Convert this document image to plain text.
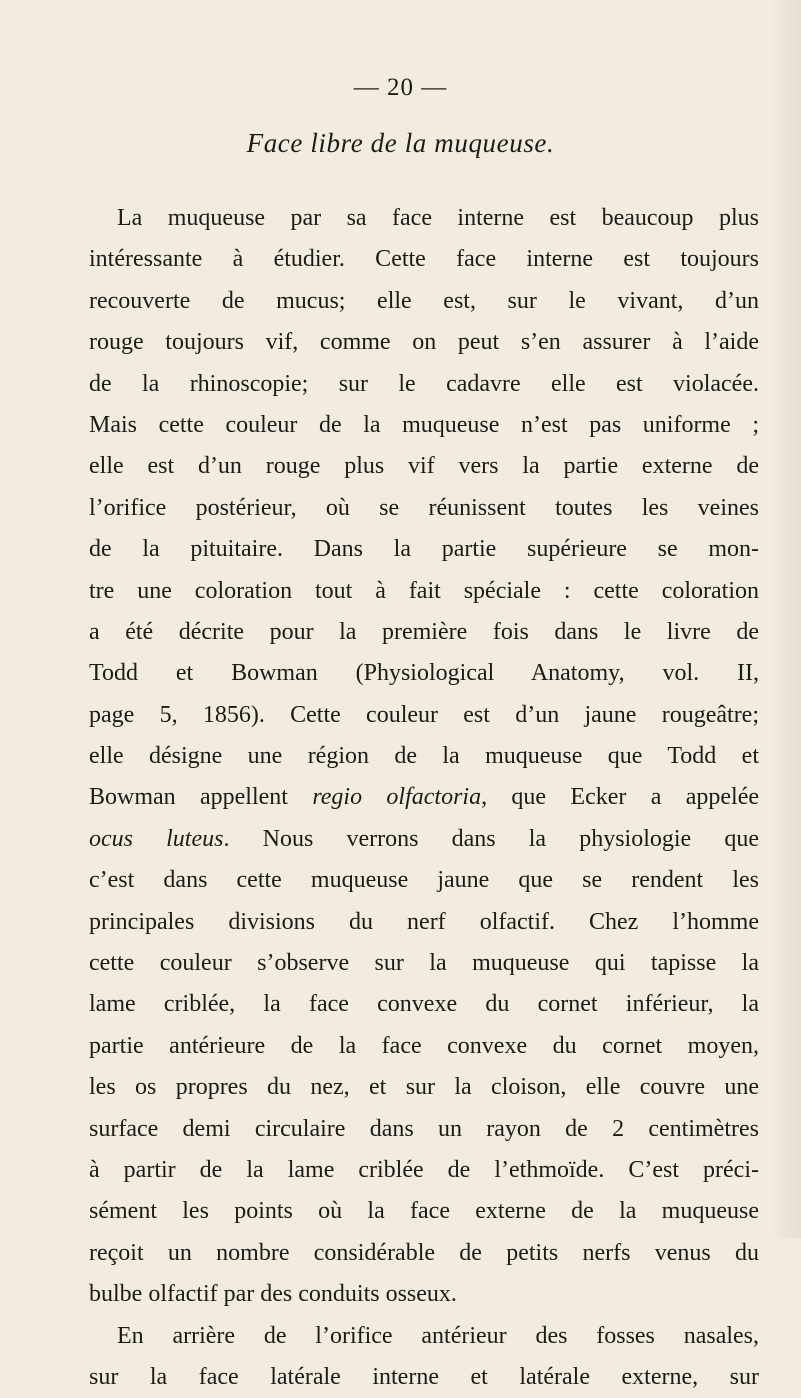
— 20 —
Face libre de la muqueuse.
La muqueuse par sa face interne est beaucoup plus
intéressante à étudier. Cette face interne est toujours
recouverte de mucus; elle est, sur le vivant, d’un
rouge toujours vif, comme on peut s’en assurer à l’aide
de la rhinoscopie; sur le cadavre elle est violacée.
Mais cette couleur de la muqueuse n’est pas uniforme ;
elle est d’un rouge plus vif vers la partie externe de
l’orifice postérieur, où se réunissent toutes les veines
de la pituitaire. Dans la partie supérieure se mon-
tre une coloration tout à fait spéciale : cette coloration
a été décrite pour la première fois dans le livre de
Todd et Bowman (Physiological Anatomy, vol. II,
page 5, 1856). Cette couleur est d’un jaune rougeâtre;
elle désigne une région de la muqueuse que Todd et
Bowman appellent regio olfactoria, que Ecker a appelée
ocus luteus. Nous verrons dans la physiologie que
c’est dans cette muqueuse jaune que se rendent les
principales divisions du nerf olfactif. Chez l’homme
cette couleur s’observe sur la muqueuse qui tapisse la
lame criblée, la face convexe du cornet inférieur, la
partie antérieure de la face convexe du cornet moyen,
les os propres du nez, et sur la cloison, elle couvre une
surface demi circulaire dans un rayon de 2 centimètres
à partir de la lame criblée de l’ethmoïde. C’est préci-
sément les points où la face externe de la muqueuse
reçoit un nombre considérable de petits nerfs venus du
bulbe olfactif par des conduits osseux.
En arrière de l’orifice antérieur des fosses nasales,
sur la face latérale interne et latérale externe, sur
